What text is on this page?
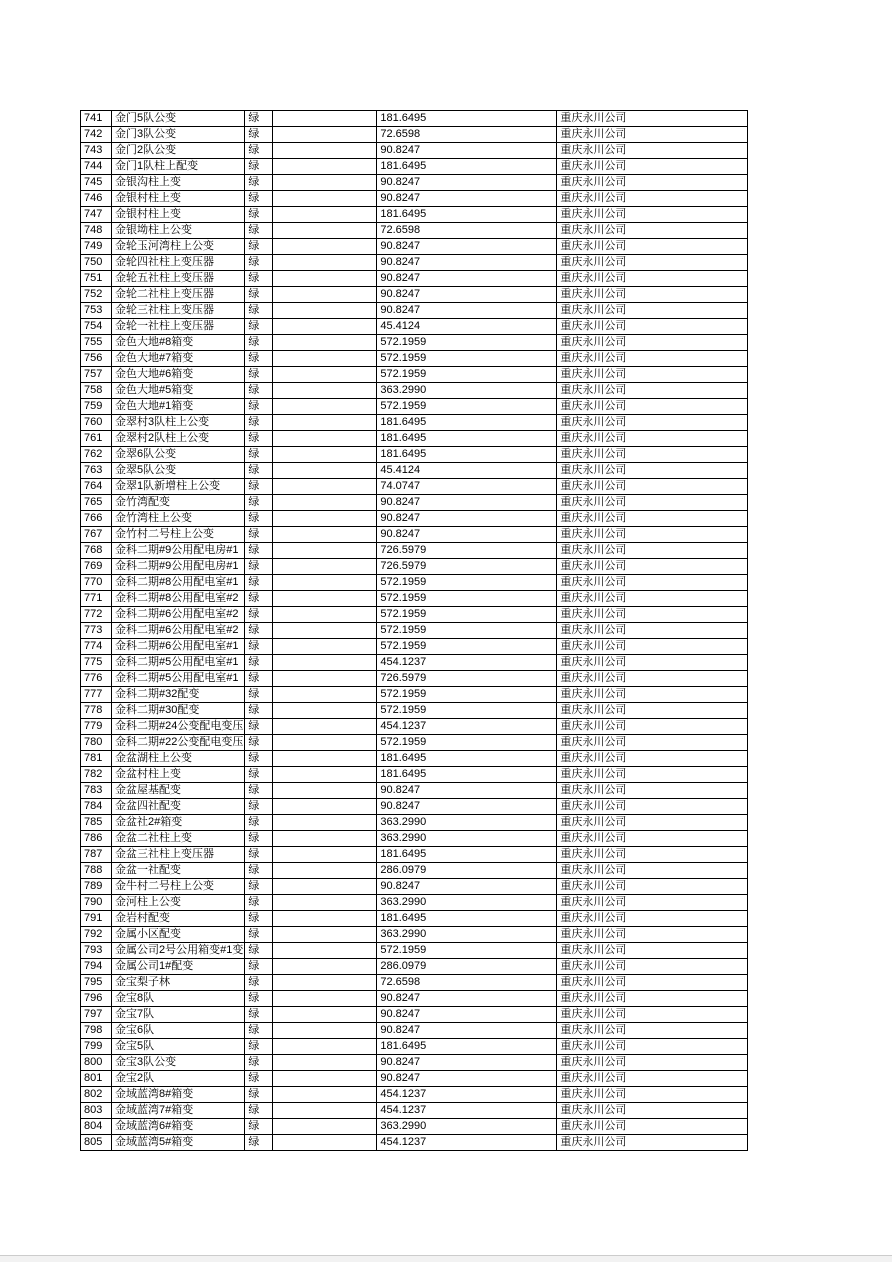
741	金门5队公变	绿		181.6495	重庆永川公司
742	金门3队公变	绿		72.6598	重庆永川公司
743	金门2队公变	绿		90.8247	重庆永川公司
744	金门1队柱上配变	绿		181.6495	重庆永川公司
745	金银沟柱上变	绿		90.8247	重庆永川公司
746	金银村柱上变	绿		90.8247	重庆永川公司
747	金银村柱上变	绿		181.6495	重庆永川公司
748	金银坳柱上公变	绿		72.6598	重庆永川公司
749	金轮玉河湾柱上公变	绿		90.8247	重庆永川公司
750	金轮四社柱上变压器	绿		90.8247	重庆永川公司
751	金轮五社柱上变压器	绿		90.8247	重庆永川公司
752	金轮二社柱上变压器	绿		90.8247	重庆永川公司
753	金轮三社柱上变压器	绿		90.8247	重庆永川公司
754	金轮一社柱上变压器	绿		45.4124	重庆永川公司
755	金色大地#8箱变	绿		572.1959	重庆永川公司
756	金色大地#7箱变	绿		572.1959	重庆永川公司
757	金色大地#6箱变	绿		572.1959	重庆永川公司
758	金色大地#5箱变	绿		363.2990	重庆永川公司
759	金色大地#1箱变	绿		572.1959	重庆永川公司
760	金翠村3队柱上公变	绿		181.6495	重庆永川公司
761	金翠村2队柱上公变	绿		181.6495	重庆永川公司
762	金翠6队公变	绿		181.6495	重庆永川公司
763	金翠5队公变	绿		45.4124	重庆永川公司
764	金翠1队新增柱上公变	绿		74.0747	重庆永川公司
765	金竹湾配变	绿		90.8247	重庆永川公司
766	金竹湾柱上公变	绿		90.8247	重庆永川公司
767	金竹村二号柱上公变	绿		90.8247	重庆永川公司
768	金科二期#9公用配电房#1	绿		726.5979	重庆永川公司
769	金科二期#9公用配电房#1	绿		726.5979	重庆永川公司
770	金科二期#8公用配电室#1	绿		572.1959	重庆永川公司
771	金科二期#8公用配电室#2	绿		572.1959	重庆永川公司
772	金科二期#6公用配电室#2	绿		572.1959	重庆永川公司
773	金科二期#6公用配电室#2	绿		572.1959	重庆永川公司
774	金科二期#6公用配电室#1	绿		572.1959	重庆永川公司
775	金科二期#5公用配电室#1	绿		454.1237	重庆永川公司
776	金科二期#5公用配电室#1	绿		726.5979	重庆永川公司
777	金科二期#32配变	绿		572.1959	重庆永川公司
778	金科二期#30配变	绿		572.1959	重庆永川公司
779	金科二期#24公变配电变压	绿		454.1237	重庆永川公司
780	金科二期#22公变配电变压	绿		572.1959	重庆永川公司
781	金盆湖柱上公变	绿		181.6495	重庆永川公司
782	金盆村柱上变	绿		181.6495	重庆永川公司
783	金盆屋基配变	绿		90.8247	重庆永川公司
784	金盆四社配变	绿		90.8247	重庆永川公司
785	金盆社2#箱变	绿		363.2990	重庆永川公司
786	金盆二社柱上变	绿		363.2990	重庆永川公司
787	金盆三社柱上变压器	绿		181.6495	重庆永川公司
788	金盆一社配变	绿		286.0979	重庆永川公司
789	金牛村二号柱上公变	绿		90.8247	重庆永川公司
790	金河柱上公变	绿		363.2990	重庆永川公司
791	金岩村配变	绿		181.6495	重庆永川公司
792	金属小区配变	绿		363.2990	重庆永川公司
793	金属公司2号公用箱变#1变	绿		572.1959	重庆永川公司
794	金属公司1#配变	绿		286.0979	重庆永川公司
795	金宝梨子林	绿		72.6598	重庆永川公司
796	金宝8队	绿		90.8247	重庆永川公司
797	金宝7队	绿		90.8247	重庆永川公司
798	金宝6队	绿		90.8247	重庆永川公司
799	金宝5队	绿		181.6495	重庆永川公司
800	金宝3队公变	绿		90.8247	重庆永川公司
801	金宝2队	绿		90.8247	重庆永川公司
802	金域蓝湾8#箱变	绿		454.1237	重庆永川公司
803	金域蓝湾7#箱变	绿		454.1237	重庆永川公司
804	金域蓝湾6#箱变	绿		363.2990	重庆永川公司
805	金域蓝湾5#箱变	绿		454.1237	重庆永川公司
